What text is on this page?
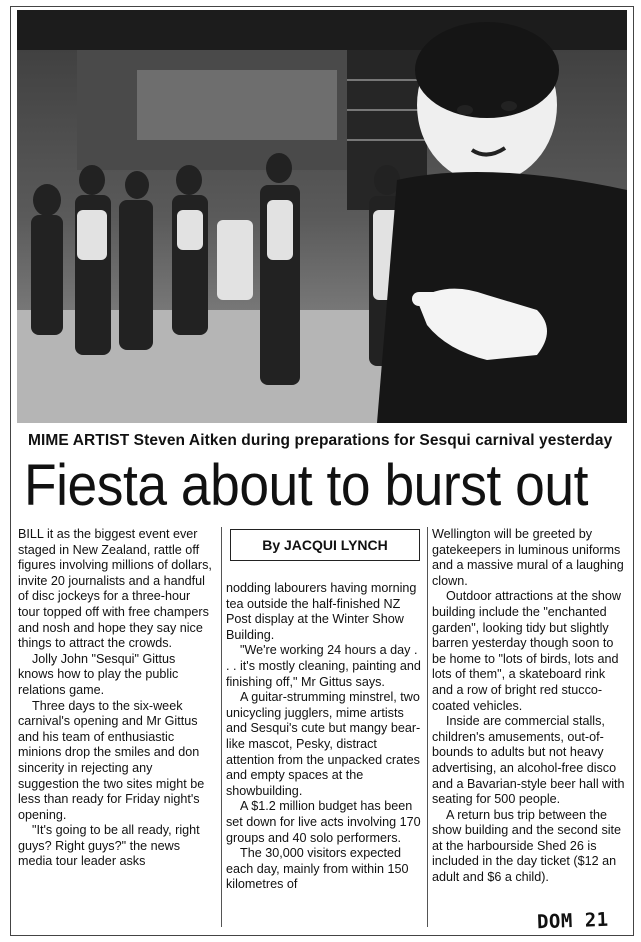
MIME ARTIST Steven Aitken during preparations for Sesqui carnival yesterday
Fiesta about to burst out

BILL it as the biggest event ever staged in New Zealand, rattle off figures involving millions of dollars, invite 20 journalists and a handful of disc jockeys for a three-hour tour topped off with free champers and nosh and hope they say nice things to attract the crowds.

Jolly John "Sesqui" Gittus knows how to play the public relations game.

Three days to the six-week carnival's opening and Mr Gittus and his team of enthusiastic minions drop the smiles and don sincerity in rejecting any suggestion the two sites might be less than ready for Friday night's opening.

"It's going to be all ready, right guys? Right guys?" the news media tour leader asks

By JACQUI LYNCH

nodding labourers having morning tea outside the half-finished NZ Post display at the Winter Show Building.

"We're working 24 hours a day . . . it's mostly cleaning, painting and finishing off," Mr Gittus says.

A guitar-strumming minstrel, two unicycling jugglers, mime artists and Sesqui's cute but mangy bear-like mascot, Pesky, distract attention from the unpacked crates and empty spaces at the showbuilding.

A $1.2 million budget has been set down for live acts involving 170 groups and 40 solo performers.

The 30,000 visitors expected each day, mainly from within 150 kilometres of

Wellington will be greeted by gatekeepers in luminous uniforms and a massive mural of a laughing clown.

Outdoor attractions at the show building include the "enchanted garden", looking tidy but slightly barren yesterday though soon to be home to "lots of birds, lots and lots of them", a skateboard rink and a row of bright red stucco-coated vehicles.

Inside are commercial stalls, children's amusements, out-of-bounds to adults but not heavy advertising, an alcohol-free disco and a Bavarian-style beer hall with seating for 500 people.

A return bus trip between the show building and the second site at the harbourside Shed 26 is included in the day ticket ($12 an adult and $6 a child).

DOM 21
